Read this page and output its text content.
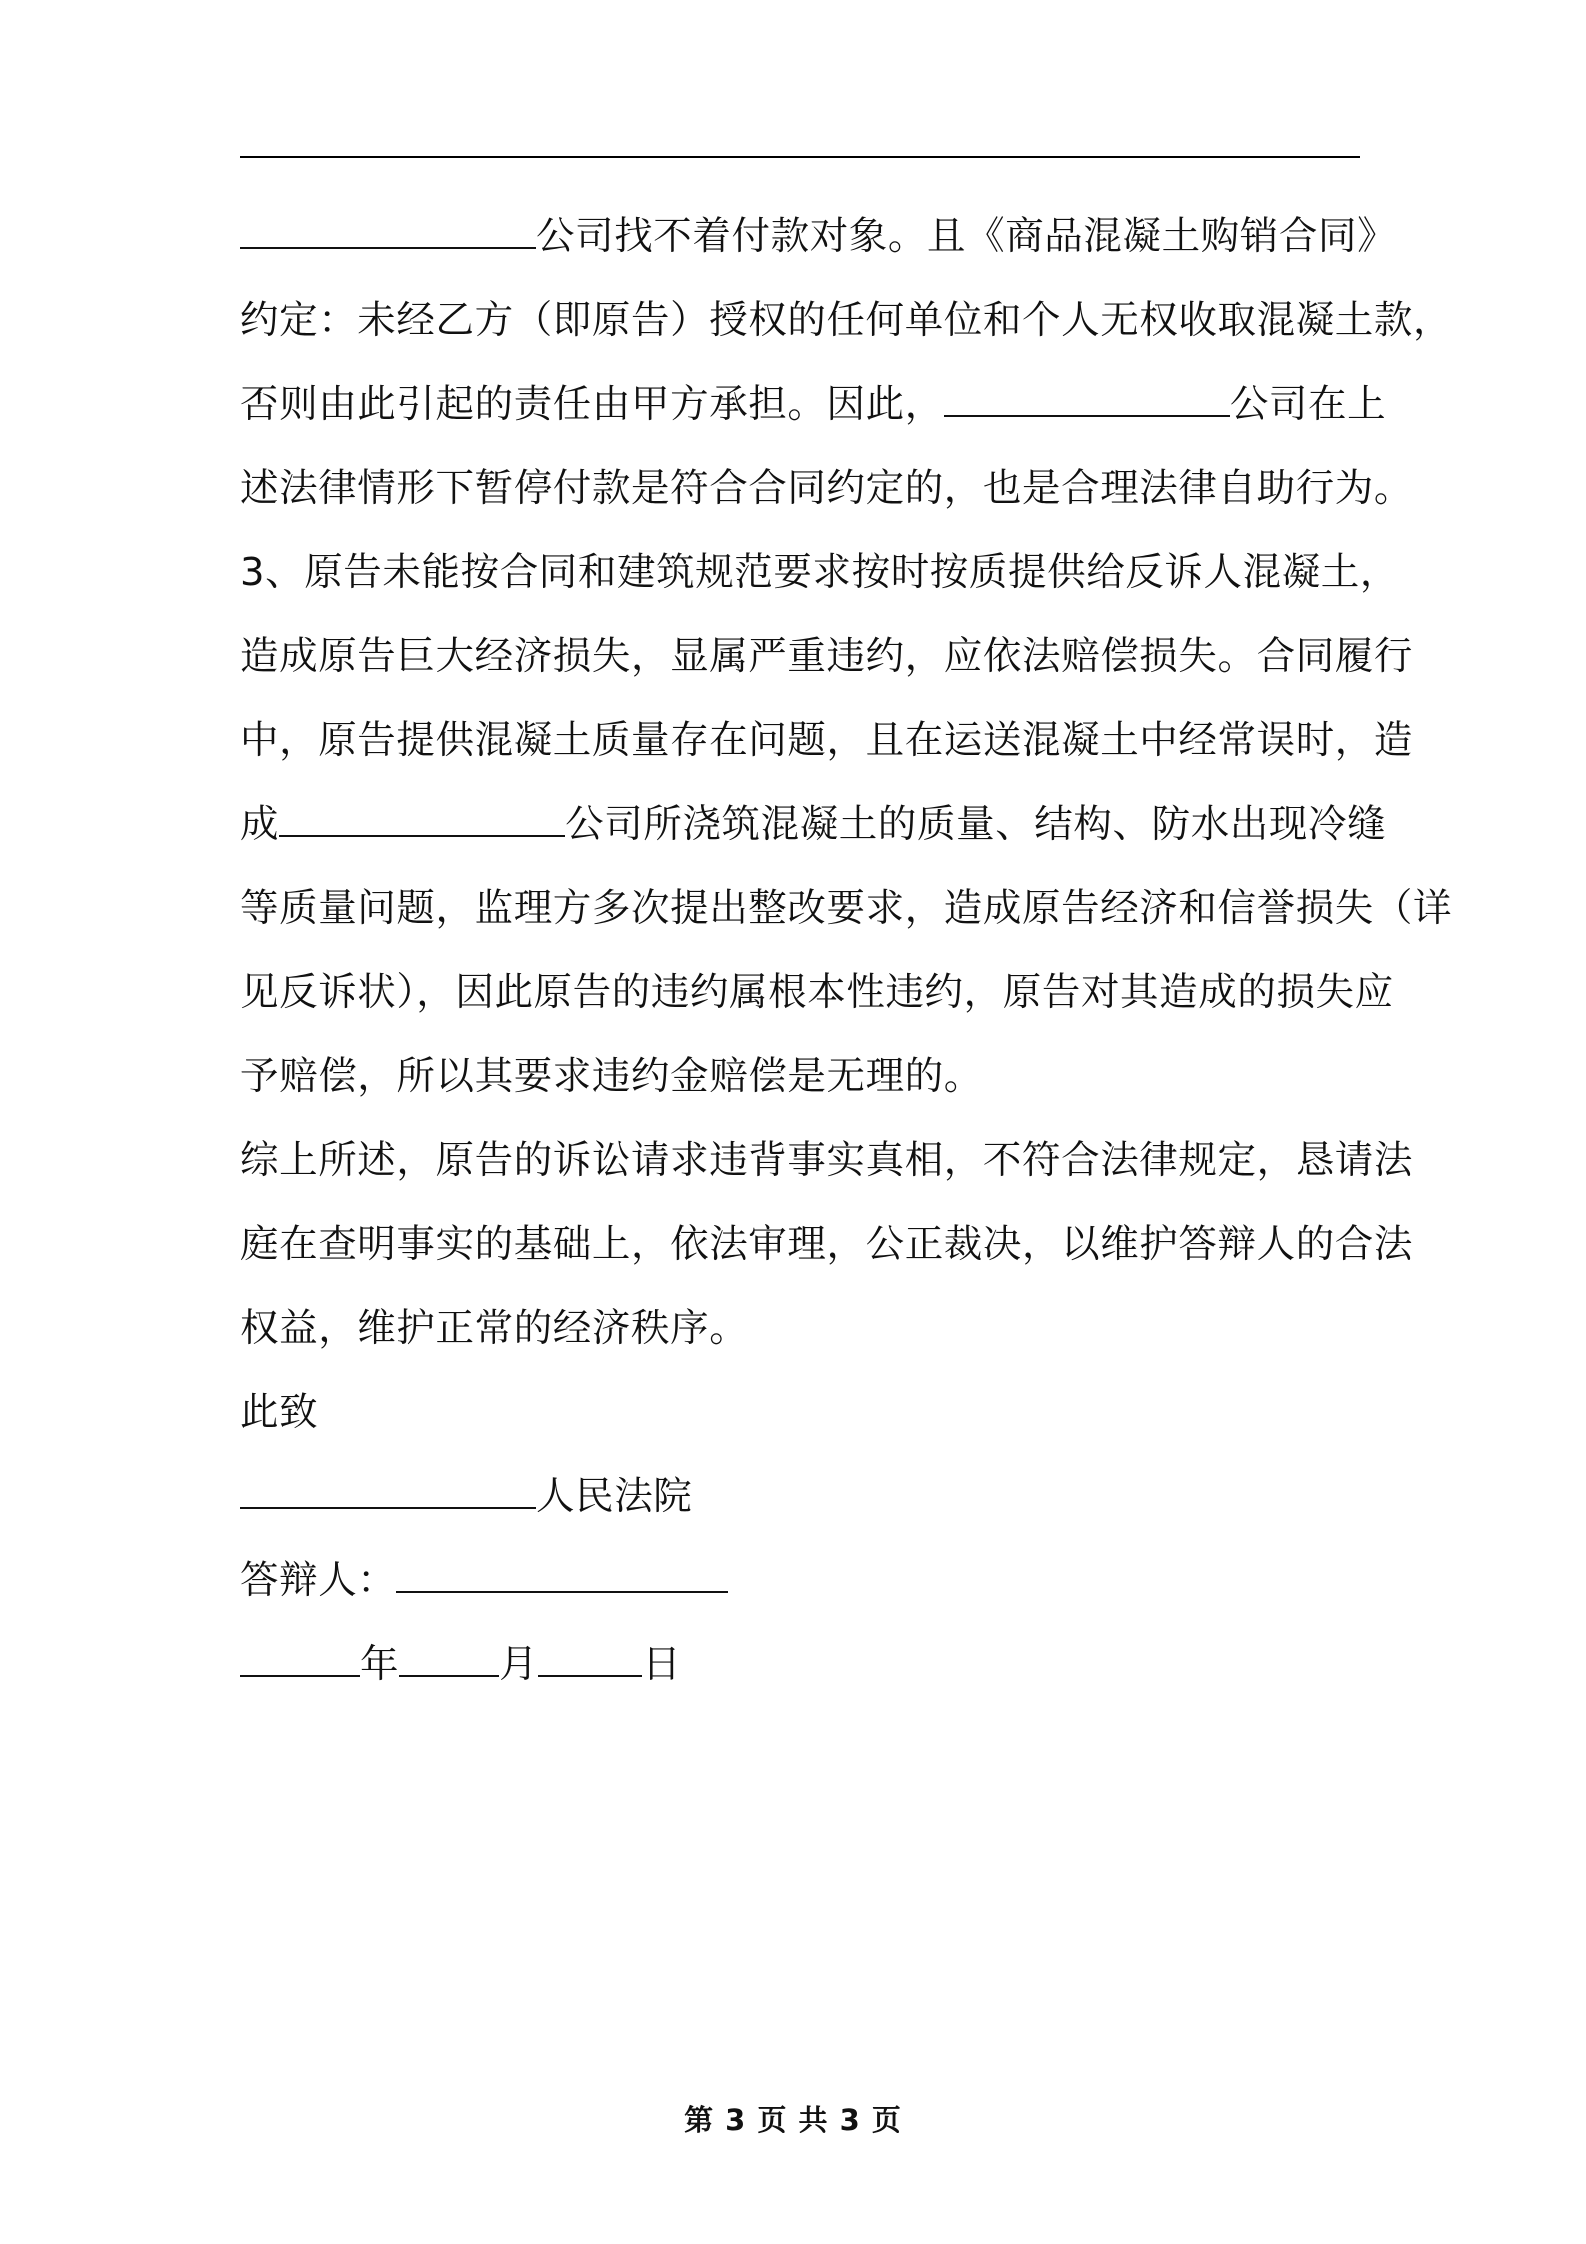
公司找不着付款对象。且《商品混凝土购销合同》
约定：未经乙方（即原告）授权的任何单位和个人无权收取混凝土款，
否则由此引起的责任由甲方承担。因此，	公司在上
述法律情形下暂停付款是符合合同约定的，也是合理法律自助行为。
3、原告未能按合同和建筑规范要求按时按质提供给反诉人混凝土，
造成原告巨大经济损失，显属严重违约，应依法赔偿损失。合同履行
中，原告提供混凝土质量存在问题，且在运送混凝土中经常误时，造
成	公司所浇筑混凝土的质量、结构、防水出现冷缝
等质量问题，监理方多次提出整改要求，造成原告经济和信誉损失（详
见反诉状），因此原告的违约属根本性违约，原告对其造成的损失应
予赔偿，所以其要求违约金赔偿是无理的。
综上所述，原告的诉讼请求违背事实真相，不符合法律规定，恳请法
庭在查明事实的基础上，依法审理，公正裁决，以维护答辩人的合法
权益，维护正常的经济秩序。
此致
人民法院
答辩人：
年	月	日
第 3 页 共 3 页
